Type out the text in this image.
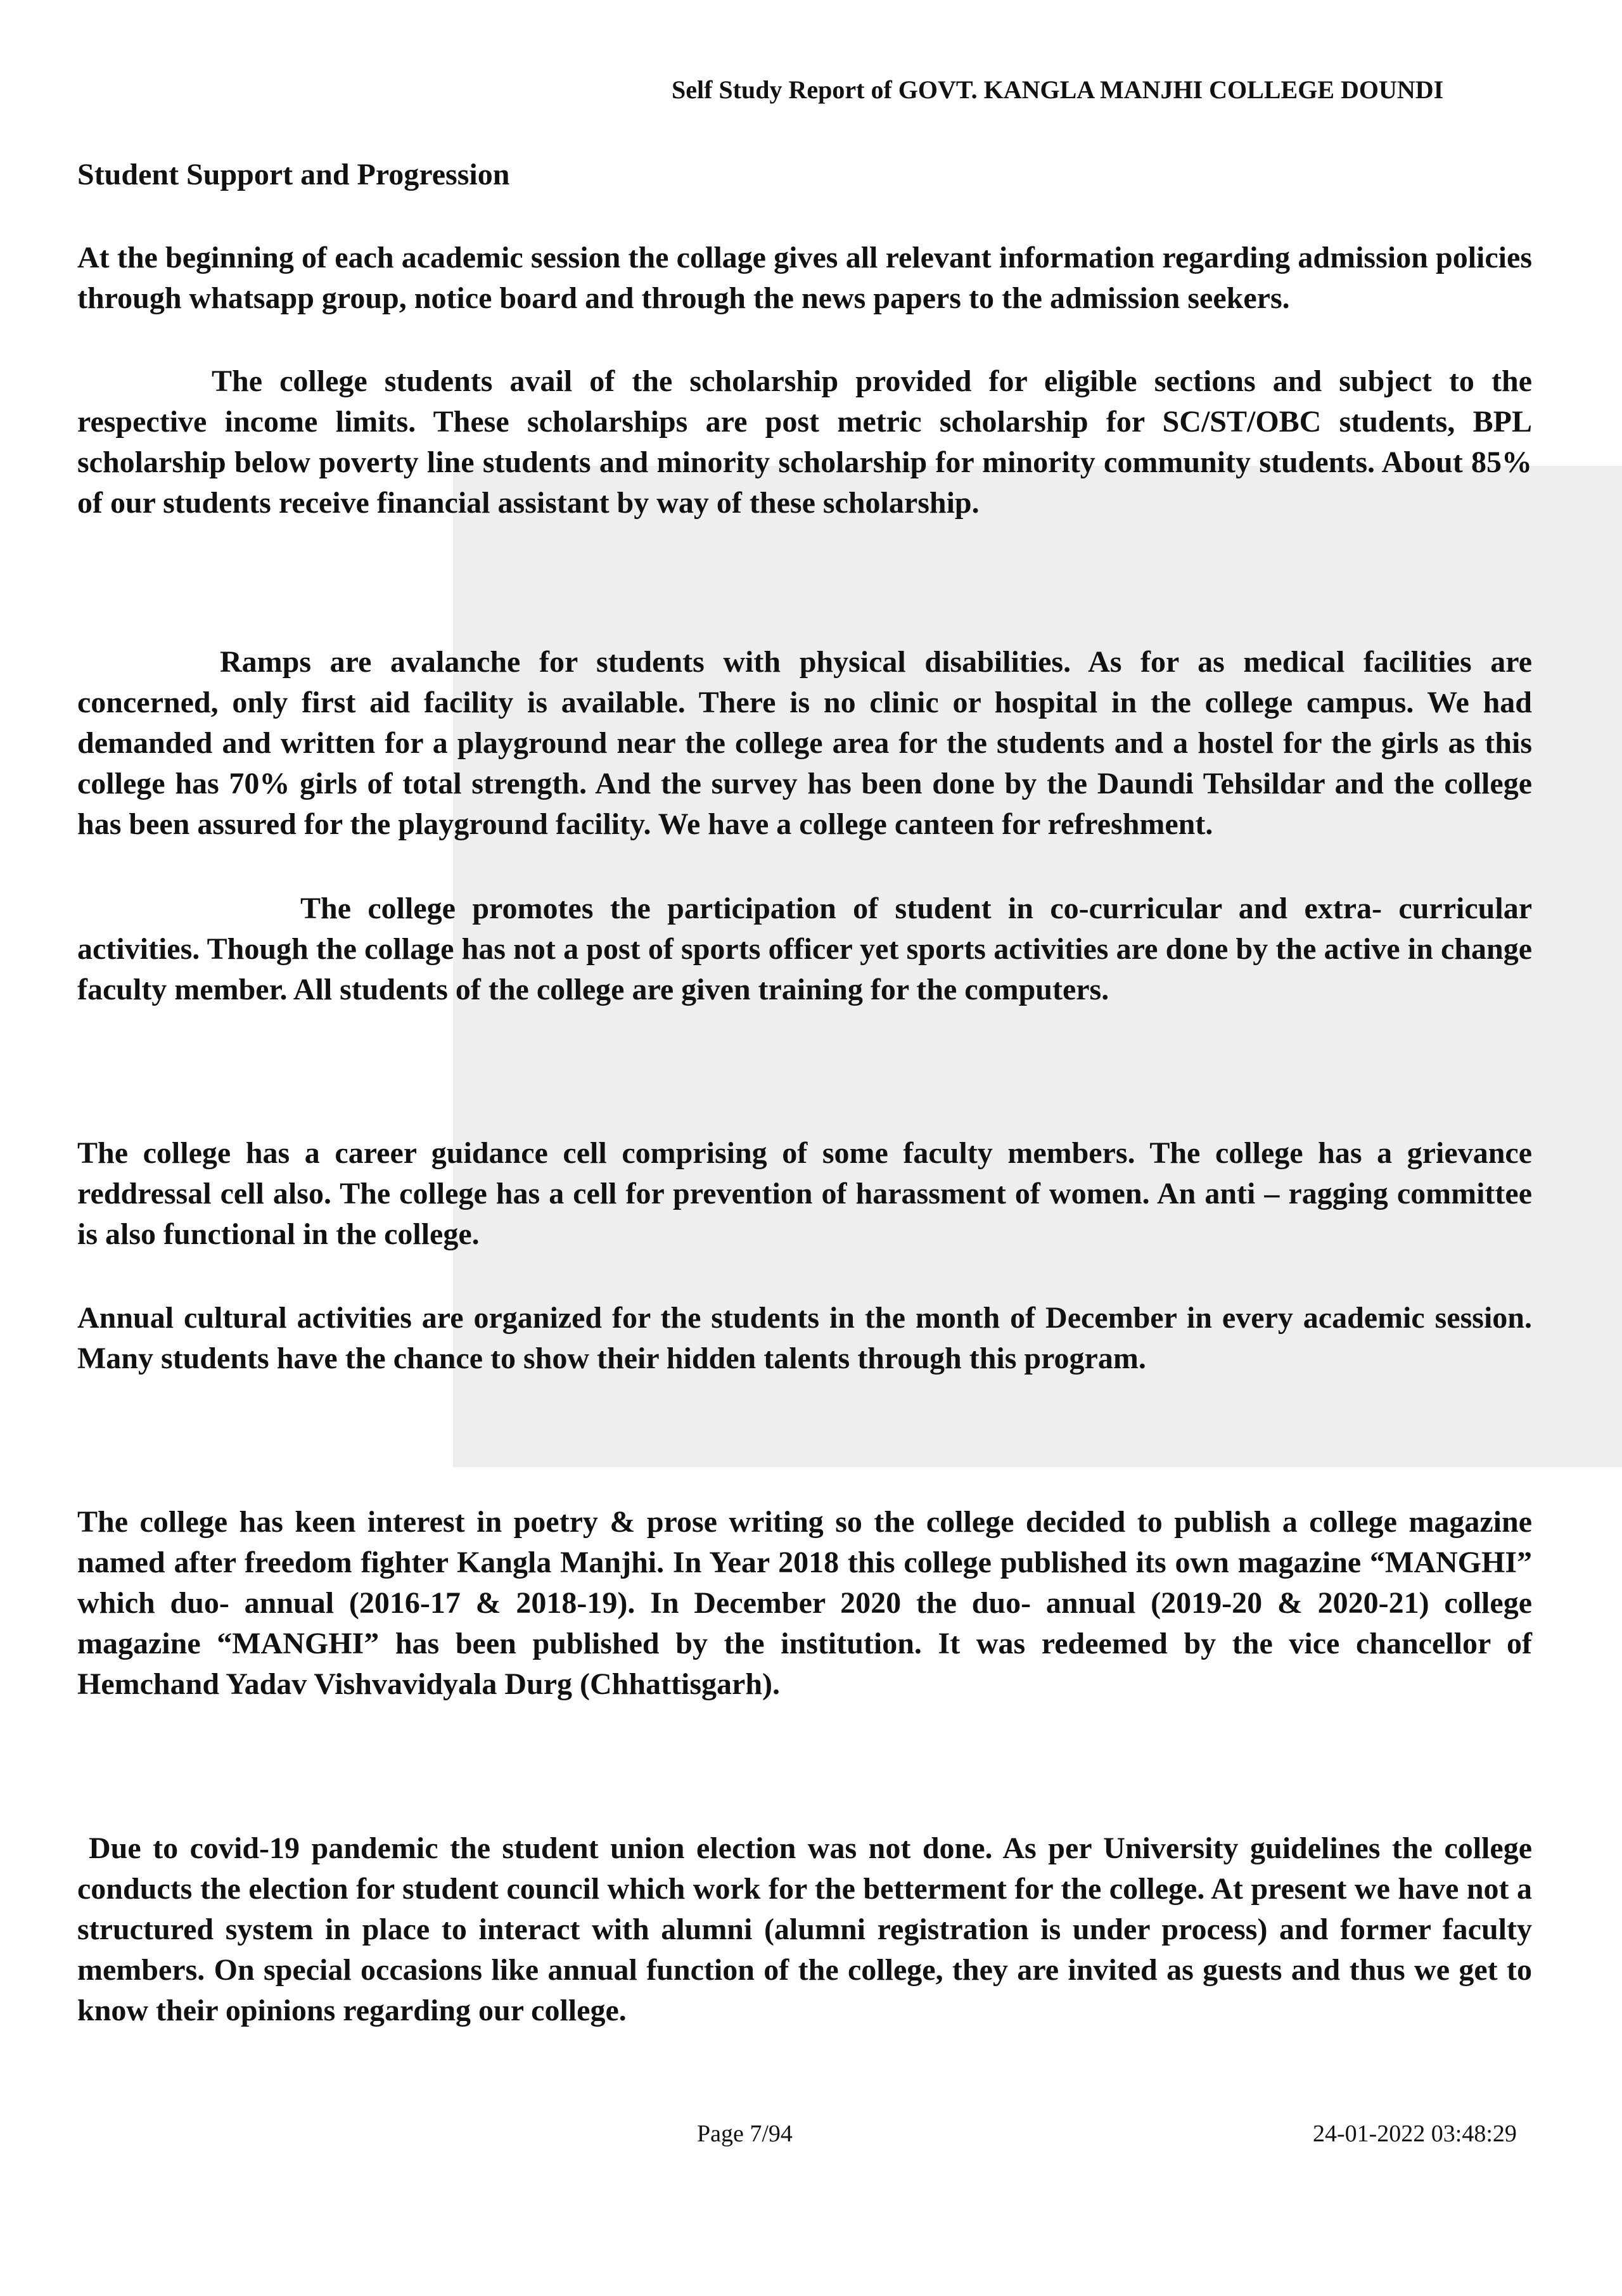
Self Study Report of GOVT. KANGLA MANJHI COLLEGE DOUNDI
Student Support and Progression
At the beginning of each academic session the collage gives all relevant information regarding admission policies through whatsapp group, notice board and through the news papers to the admission seekers.
The college students avail of the scholarship provided for eligible sections and subject to the respective income limits. These scholarships are post metric scholarship for SC/ST/OBC students, BPL scholarship below poverty line students and minority scholarship for minority community students. About 85% of our students receive financial assistant by way of these scholarship.
Ramps are avalanche for students with physical disabilities. As for as medical facilities are concerned, only first aid facility is available. There is no clinic or hospital in the college campus. We had demanded and written for a playground near the college area for the students and a hostel for the girls as this college has 70% girls of total strength. And the survey has been done by the Daundi Tehsildar and the college has been assured for the playground facility. We have a college canteen for refreshment.
The college promotes the participation of student in co-curricular and extra- curricular activities. Though the collage has not a post of sports officer yet sports activities are done by the active in change faculty member. All students of the college are given training for the computers.
The college has a career guidance cell comprising of some faculty members. The college has a grievance reddressal cell also. The college has a cell for prevention of harassment of women. An anti – ragging committee is also functional in the college.
Annual cultural activities are organized for the students in the month of December in every academic session. Many students have the chance to show their hidden talents through this program.
The college has keen interest in poetry & prose writing so the college decided to publish a college magazine named after freedom fighter Kangla Manjhi. In Year 2018 this college published its own magazine “MANGHI” which duo- annual (2016-17 & 2018-19). In December 2020 the duo- annual (2019-20 & 2020-21) college magazine “MANGHI” has been published by the institution. It was redeemed by the vice chancellor of Hemchand Yadav Vishvavidyala Durg (Chhattisgarh).
Due to covid-19 pandemic the student union election was not done. As per University guidelines the college conducts the election for student council which work for the betterment for the college. At present we have not a structured system in place to interact with alumni (alumni registration is under process) and former faculty members. On special occasions like annual function of the college, they are invited as guests and thus we get to know their opinions regarding our college.
Page 7/94	24-01-2022 03:48:29
